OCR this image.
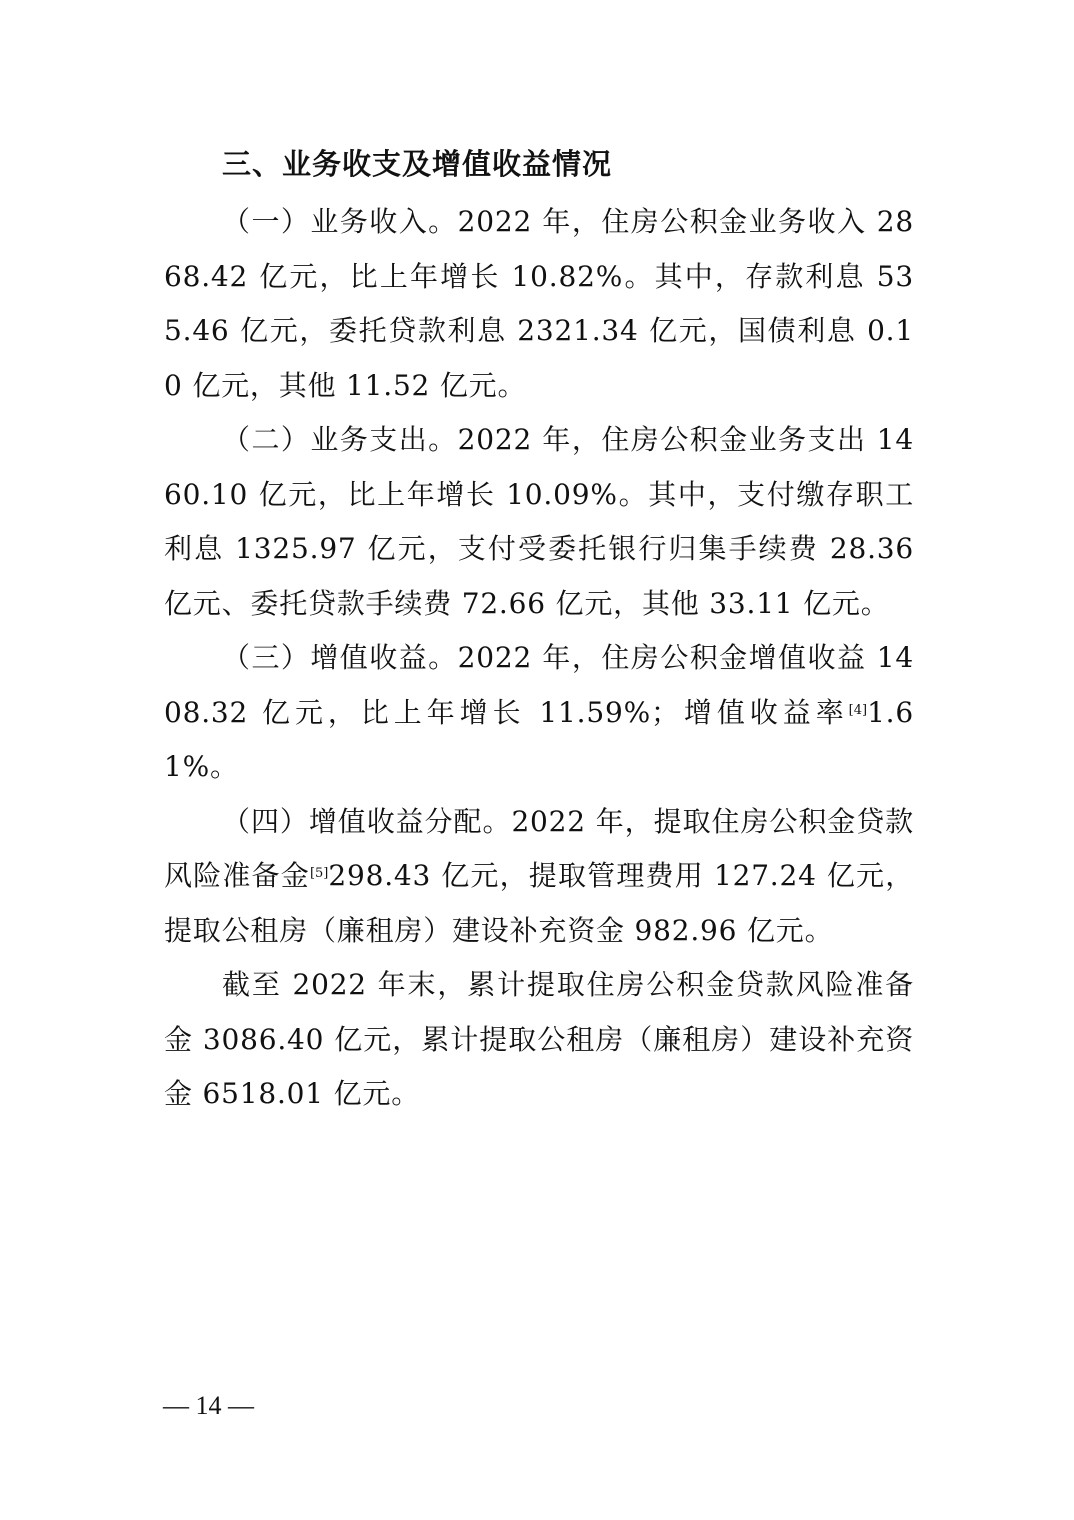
三、业务收支及增值收益情况

（一）业务收入。2022 年，住房公积金业务收入 2868.42 亿元，比上年增长 10.82%。其中，存款利息 535.46 亿元，委托贷款利息 2321.34 亿元，国债利息 0.10 亿元，其他 11.52 亿元。

（二）业务支出。2022 年，住房公积金业务支出 1460.10 亿元，比上年增长 10.09%。其中，支付缴存职工利息 1325.97 亿元，支付受委托银行归集手续费 28.36 亿元、委托贷款手续费 72.66 亿元，其他 33.11 亿元。

（三）增值收益。2022 年，住房公积金增值收益 1408.32 亿元，比上年增长 11.59%；增值收益率[4]1.61%。

（四）增值收益分配。2022 年，提取住房公积金贷款风险准备金[5]298.43 亿元，提取管理费用 127.24 亿元，提取公租房（廉租房）建设补充资金 982.96 亿元。

截至 2022 年末，累计提取住房公积金贷款风险准备金 3086.40 亿元，累计提取公租房（廉租房）建设补充资金 6518.01 亿元。

— 14 —
